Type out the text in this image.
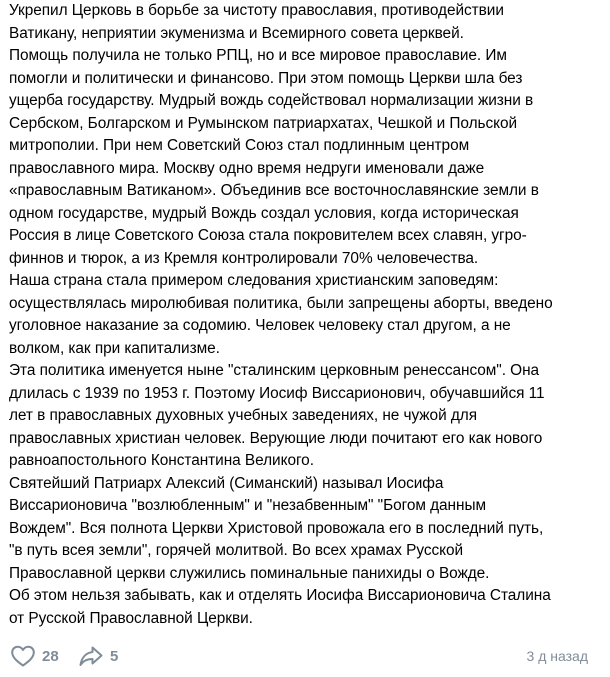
Укрепил Церковь в борьбе за чистоту православия, противодействии
Ватикану, неприятии экуменизма и Всемирного совета церквей.

Помощь получила не только РПЦ, но и все мировое православие. Им
помогли и политически и финансово. При этом помощь Церкви шла без
ущерба государству. Мудрый вождь содействовал нормализации жизни в
Сербском, Болгарском и Румынском патриархатах, Чешкой и Польской
митрополии. При нем Советский Союз стал подлинным центром
православного мира. Москву одно время недруги именовали даже
«православным Ватиканом». Объединив все восточнославянские земли в
одном государстве, мудрый Вождь создал условия, когда историческая
Россия в лице Советского Союза стала покровителем всех славян, угро-
финнов и тюрок, а из Кремля контролировали 70% человечества.

Наша страна стала примером следования христианским заповедям:
осуществлялась миролюбивая политика, были запрещены аборты, введено
уголовное наказание за содомию. Человек человеку стал другом, а не
волком, как при капитализме.

Эта политика именуется ныне "сталинским церковным ренессансом". Она
длилась с 1939 по 1953 г. Поэтому Иосиф Виссарионович, обучавшийся 11
лет в православных духовных учебных заведениях, не чужой для
православных христиан человек. Верующие люди почитают его как нового
равноапостольного Константина Великого.

Святейший Патриарх Алексий (Симанский) называл Иосифа
Виссарионовича "возлюбленным" и "незабвенным" "Богом данным
Вождем". Вся полнота Церкви Христовой провожала его в последний путь,
"в путь всея земли", горячей молитвой. Во всех храмах Русской
Православной церкви служились поминальные панихиды о Вожде.

Об этом нельзя забывать, как и отделять Иосифа Виссарионовича Сталина
от Русской Православной Церкви.

28	5	3 д назад
